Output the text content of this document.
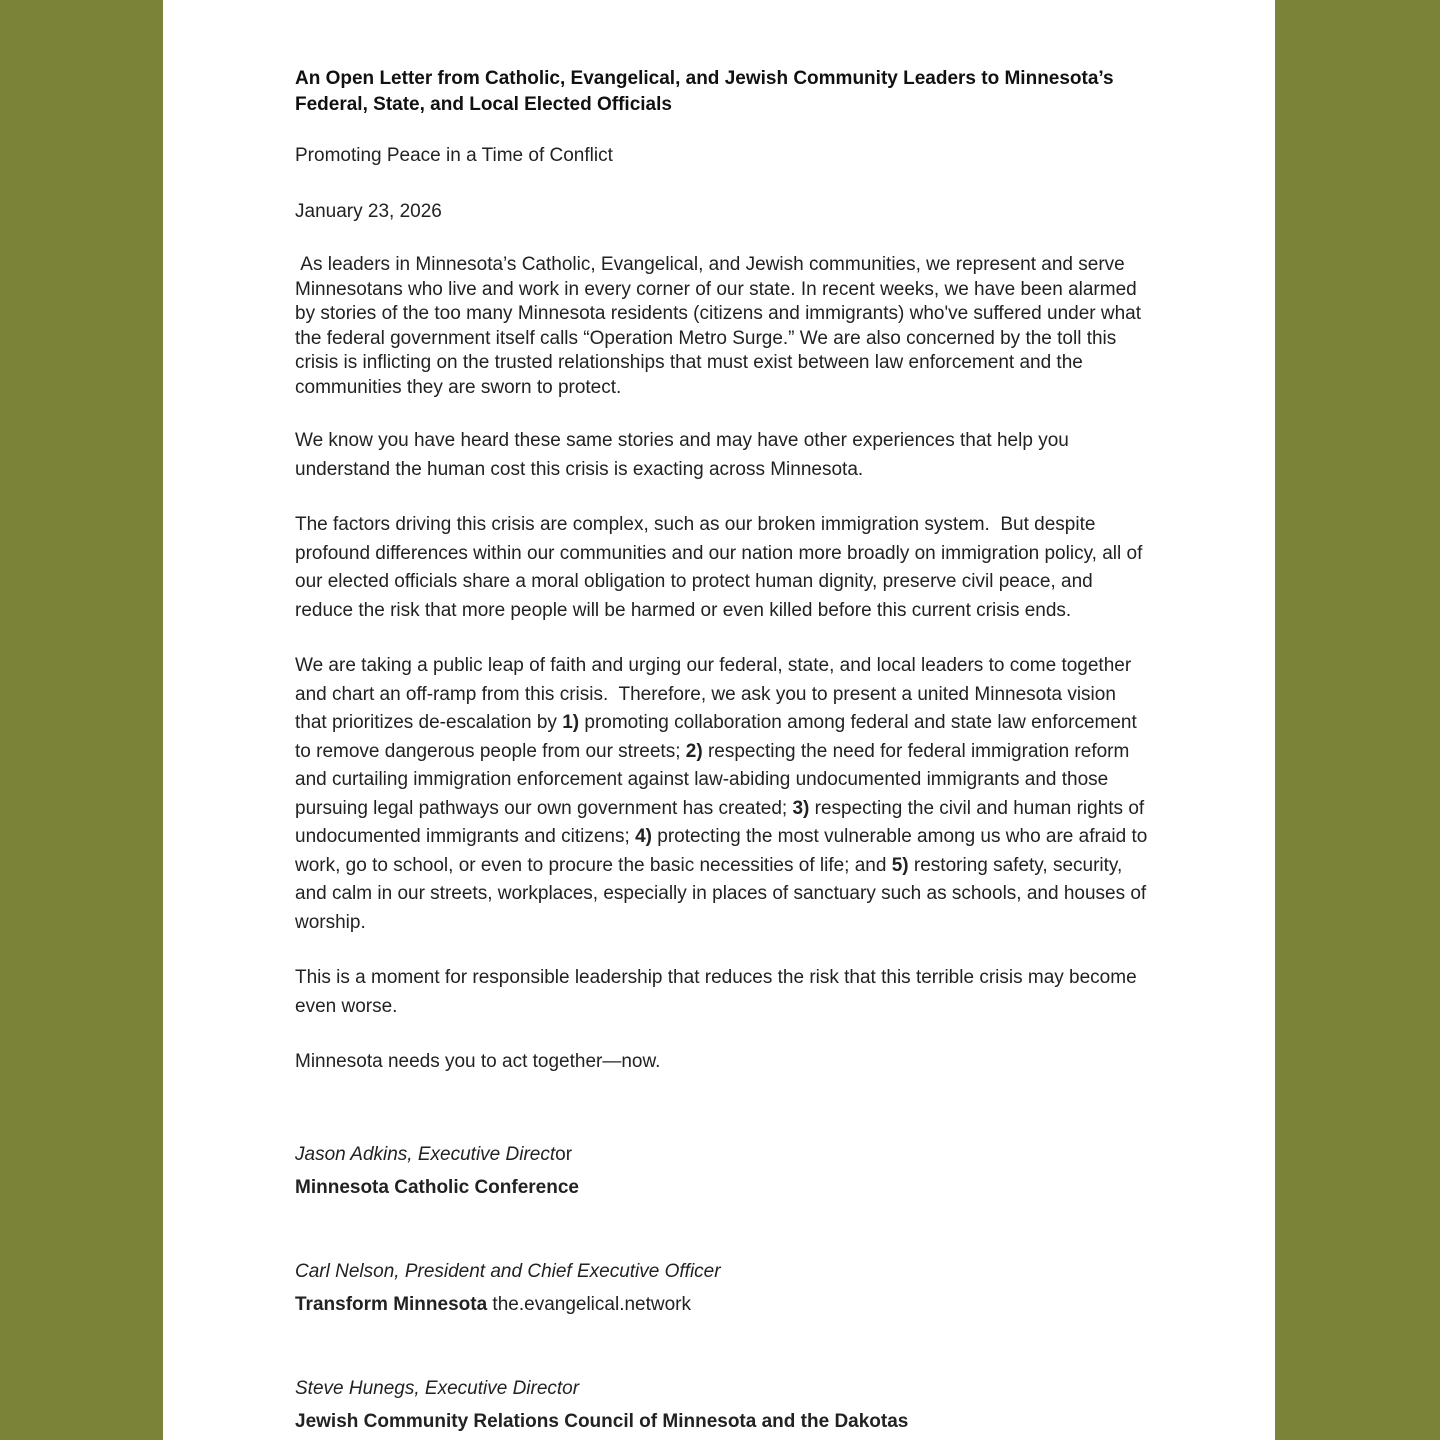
An Open Letter from Catholic, Evangelical, and Jewish Community Leaders to Minnesota’s Federal, State, and Local Elected Officials

Promoting Peace in a Time of Conflict

January 23, 2026

As leaders in Minnesota’s Catholic, Evangelical, and Jewish communities, we represent and serve Minnesotans who live and work in every corner of our state. In recent weeks, we have been alarmed by stories of the too many Minnesota residents (citizens and immigrants) who've suffered under what the federal government itself calls “Operation Metro Surge.” We are also concerned by the toll this crisis is inflicting on the trusted relationships that must exist between law enforcement and the communities they are sworn to protect.

We know you have heard these same stories and may have other experiences that help you understand the human cost this crisis is exacting across Minnesota.

The factors driving this crisis are complex, such as our broken immigration system.  But despite profound differences within our communities and our nation more broadly on immigration policy, all of our elected officials share a moral obligation to protect human dignity, preserve civil peace, and reduce the risk that more people will be harmed or even killed before this current crisis ends.

We are taking a public leap of faith and urging our federal, state, and local leaders to come together and chart an off-ramp from this crisis.  Therefore, we ask you to present a united Minnesota vision that prioritizes de-escalation by 1) promoting collaboration among federal and state law enforcement to remove dangerous people from our streets; 2) respecting the need for federal immigration reform and curtailing immigration enforcement against law-abiding undocumented immigrants and those pursuing legal pathways our own government has created; 3) respecting the civil and human rights of undocumented immigrants and citizens; 4) protecting the most vulnerable among us who are afraid to work, go to school, or even to procure the basic necessities of life; and 5) restoring safety, security, and calm in our streets, workplaces, especially in places of sanctuary such as schools, and houses of worship.

This is a moment for responsible leadership that reduces the risk that this terrible crisis may become even worse.

Minnesota needs you to act together—now.

Jason Adkins, Executive Director

Minnesota Catholic Conference

Carl Nelson, President and Chief Executive Officer

Transform Minnesota the.evangelical.network

Steve Hunegs, Executive Director

Jewish Community Relations Council of Minnesota and the Dakotas
